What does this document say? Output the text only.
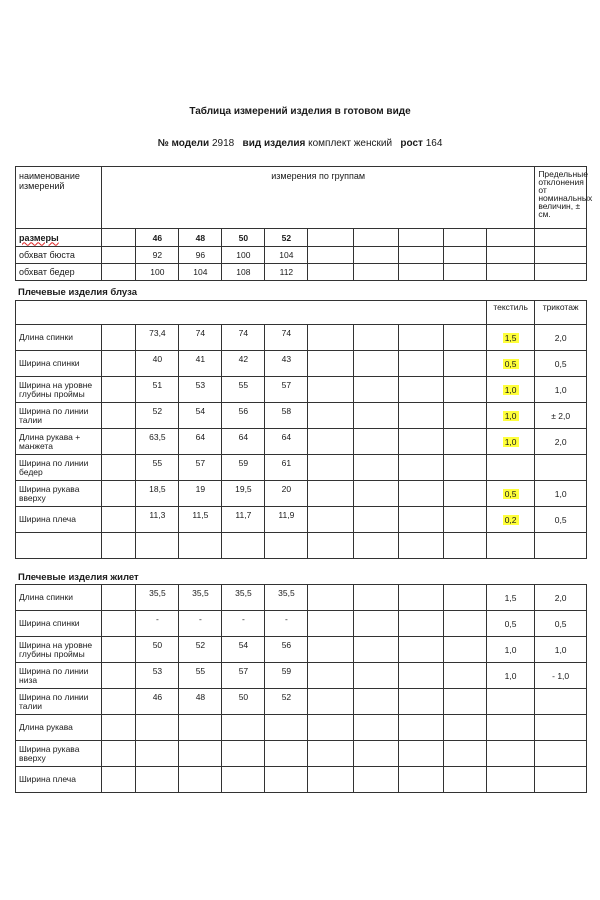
Таблица измерений изделия в готовом виде
№ модели 2918 вид изделия комплект женский рост 164
наименование измерений	измерения по группам										Предельные отклонения от номинальных величин, ± см.
размеры		46	48	50	52						
обхват бюста		92	96	100	104						
обхват бедер		100	104	108	112						
Плечевые изделия блуза
										текстиль	трикотаж
Длина спинки		73,4	74	74	74					1,5	2,0
Ширина спинки		40	41	42	43					0,5	0,5
Ширина на уровне глубины проймы		51	53	55	57					1,0	1,0
Ширина по линии талии		52	54	56	58					1,0	± 2,0
Длина рукава + манжета		63,5	64	64	64					1,0	2,0
Ширина по линии бедер		55	57	59	61						
Ширина рукава вверху		18,5	19	19,5	20					0,5	1,0
Ширина плеча		11,3	11,5	11,7	11,9					0,2	0,5

Плечевые изделия жилет
Длина спинки		35,5	35,5	35,5	35,5					1,5	2,0
Ширина спинки		-	-	-	-					0,5	0,5
Ширина на уровне глубины проймы		50	52	54	56					1,0	1,0
Ширина по линии низа		53	55	57	59					1,0	- 1,0
Ширина по линии талии		46	48	50	52						
Длина рукава											
Ширина рукава вверху											
Ширина плеча											
